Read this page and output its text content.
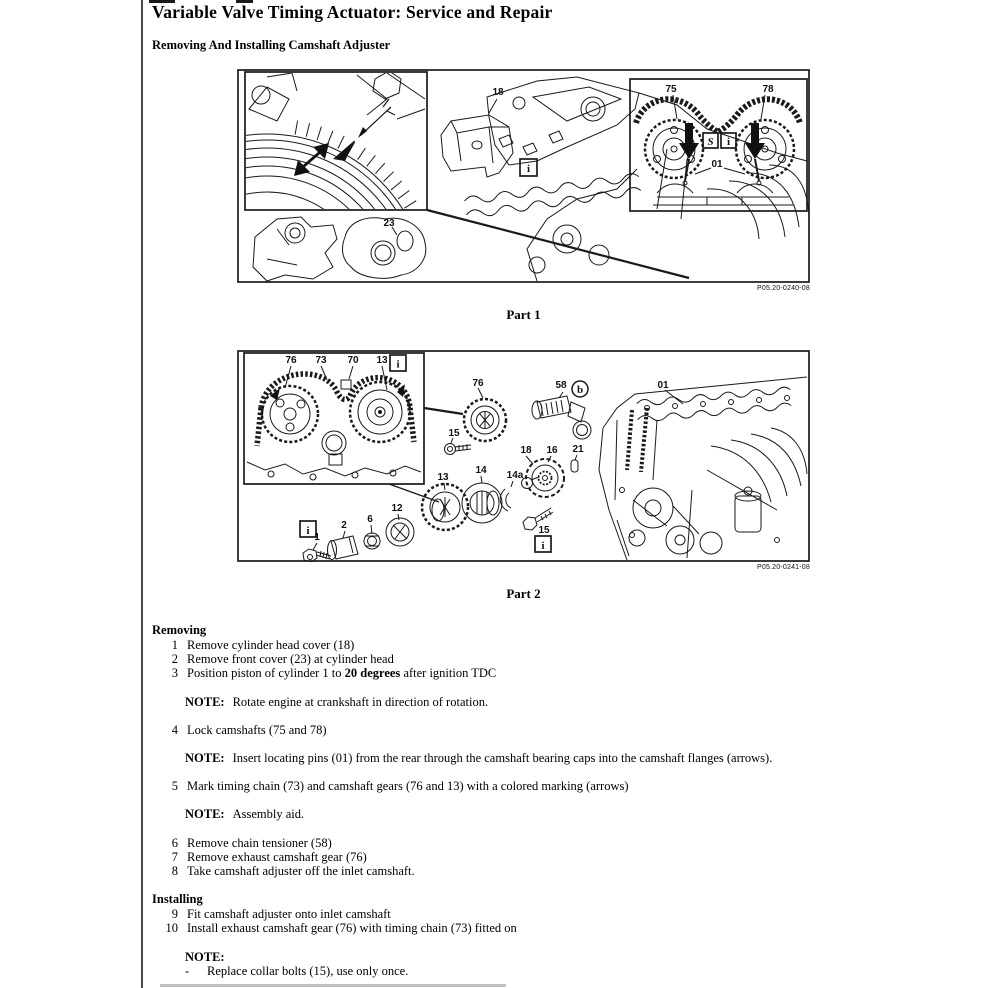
Variable Valve Timing Actuator: Service and Repair
Removing And Installing Camshaft Adjuster
18
23
75	78
01
S i
i
P05.20-0240-08
Part 1
76 73 70 13 i
76
15
58 b	01
18 16 21
14 14a
13
12
6
2
1
15
i
i
P05.20-0241-08
Part 2
Removing
1 Remove cylinder head cover (18)
2 Remove front cover (23) at cylinder head
3 Position piston of cylinder 1 to 20 degrees after ignition TDC
NOTE: Rotate engine at crankshaft in direction of rotation.
4 Lock camshafts (75 and 78)
NOTE: Insert locating pins (01) from the rear through the camshaft bearing caps into the camshaft flanges (arrows).
5 Mark timing chain (73) and camshaft gears (76 and 13) with a colored marking (arrows)
NOTE: Assembly aid.
6 Remove chain tensioner (58)
7 Remove exhaust camshaft gear (76)
8 Take camshaft adjuster off the inlet camshaft.
Installing
9 Fit camshaft adjuster onto inlet camshaft
10 Install exhaust camshaft gear (76) with timing chain (73) fitted on
NOTE:
-	Replace collar bolts (15), use only once.
